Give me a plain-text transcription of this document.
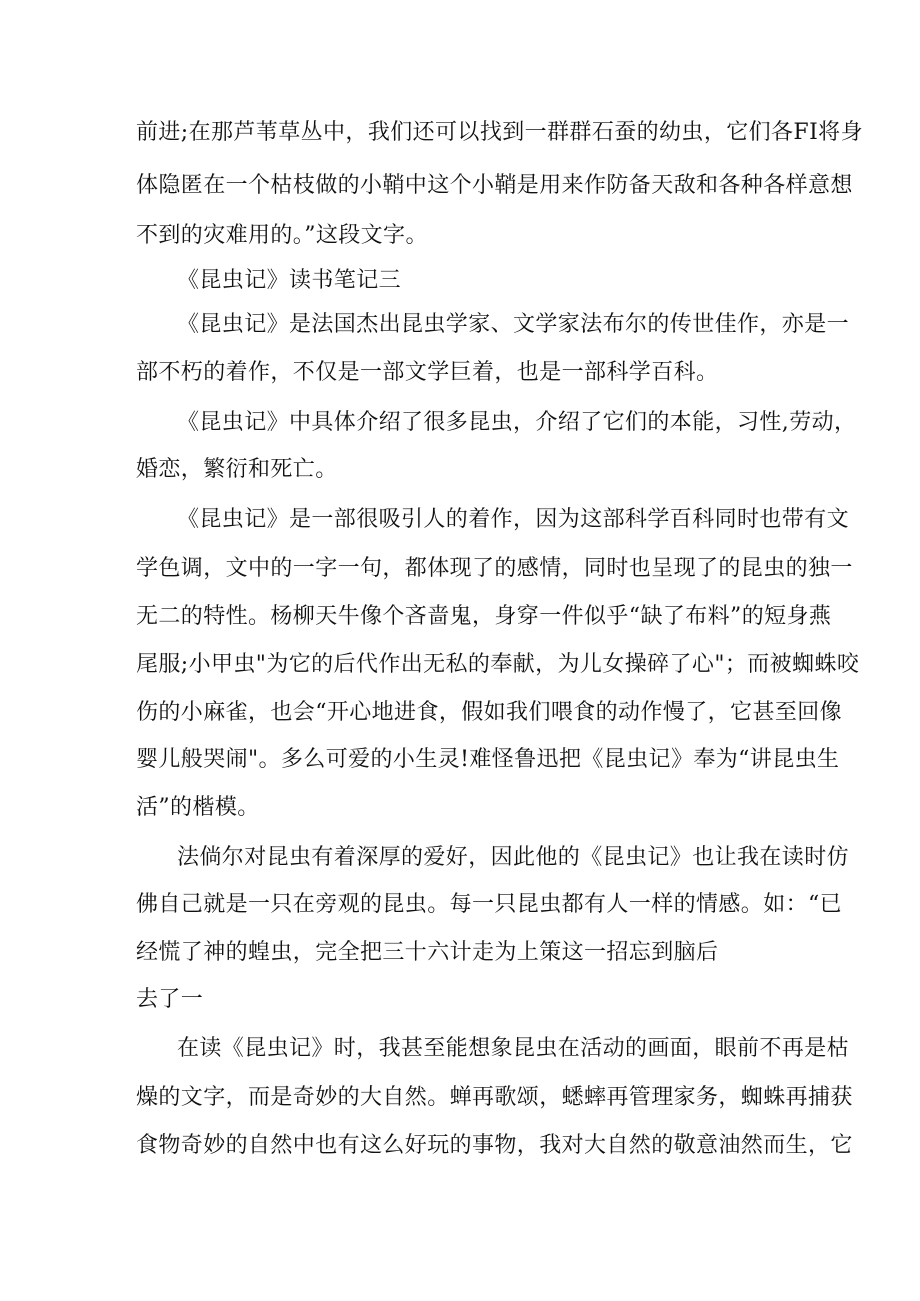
前进;在那芦苇草丛中，我们还可以找到一群群石蚕的幼虫，它们各FI将身
体隐匿在一个枯枝做的小鞘中这个小鞘是用来作防备天敌和各种各样意想
不到的灾难用的。”这段文字。
《昆虫记》读书笔记三
《昆虫记》是法国杰出昆虫学家、文学家法布尔的传世佳作，亦是一
部不朽的着作，不仅是一部文学巨着，也是一部科学百科。
《昆虫记》中具体介绍了很多昆虫，介绍了它们的本能，习性,劳动，
婚恋，繁衍和死亡。
《昆虫记》是一部很吸引人的着作，因为这部科学百科同时也带有文
学色调，文中的一字一句，都体现了的感情，同时也呈现了的昆虫的独一
无二的特性。杨柳天牛像个吝啬鬼，身穿一件似乎“缺了布料”的短身燕
尾服;小甲虫"为它的后代作出无私的奉献，为儿女操碎了心"；而被蜘蛛咬
伤的小麻雀，也会“开心地进食，假如我们喂食的动作慢了，它甚至回像
婴儿般哭闹"。多么可爱的小生灵!难怪鲁迅把《昆虫记》奉为“讲昆虫生
活”的楷模。
法倘尔对昆虫有着深厚的爱好，因此他的《昆虫记》也让我在读时仿
佛自己就是一只在旁观的昆虫。每一只昆虫都有人一样的情感。如：“已
经慌了神的蝗虫，完全把三十六计走为上策这一招忘到脑后
去了一
在读《昆虫记》时，我甚至能想象昆虫在活动的画面，眼前不再是枯
燥的文字，而是奇妙的大自然。蝉再歌颂，蟋蟀再管理家务，蜘蛛再捕获
食物奇妙的自然中也有这么好玩的事物，我对大自然的敬意油然而生，它
